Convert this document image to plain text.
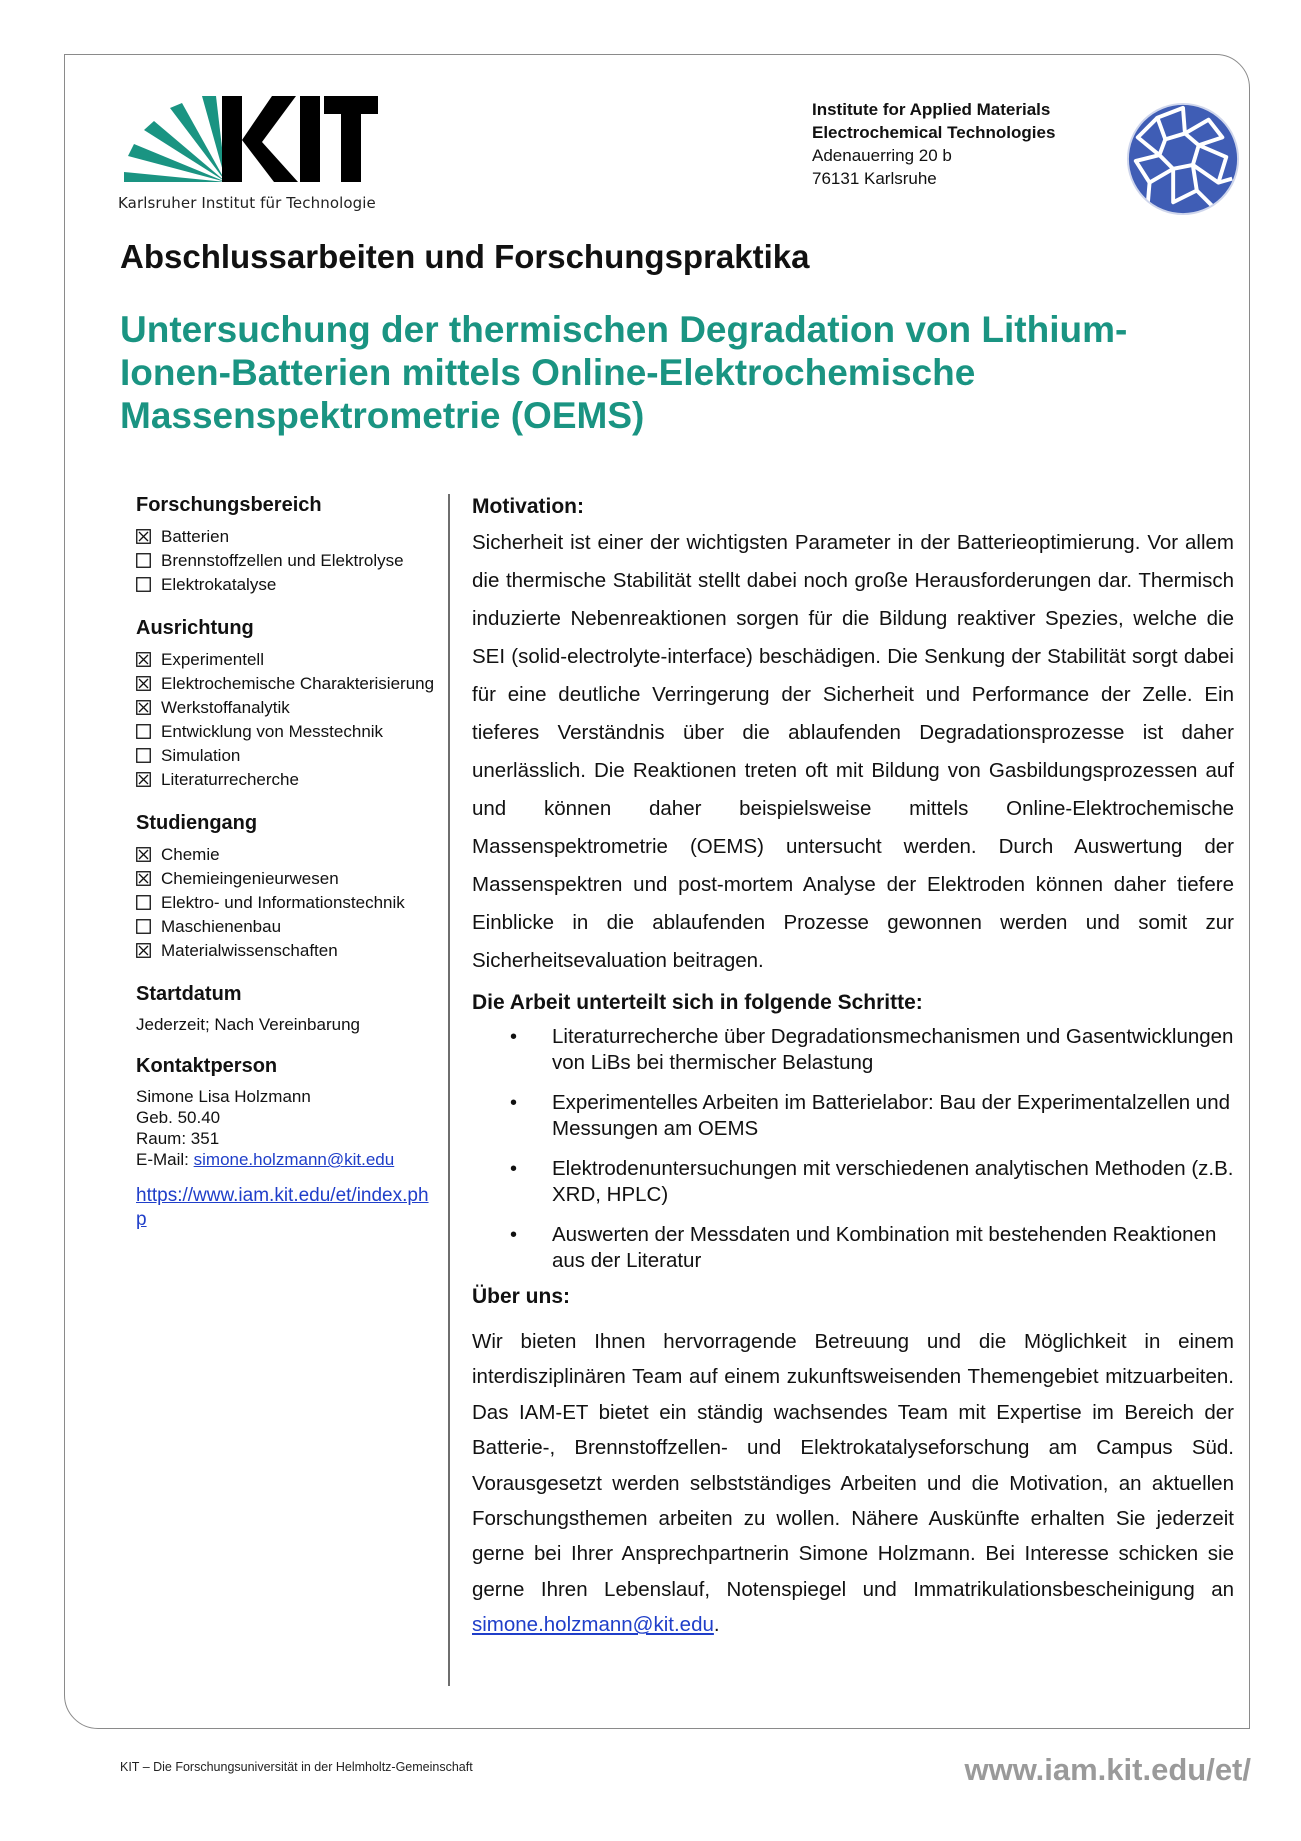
Karlsruher Institut für Technologie
Institute for Applied Materials
Electrochemical Technologies
Adenauerring 20 b
76131 Karlsruhe
Abschlussarbeiten und Forschungspraktika
Untersuchung der thermischen Degradation von Lithium-Ionen-Batterien mittels Online-Elektrochemische Massenspektrometrie (OEMS)
Forschungsbereich
Batterien
Brennstoffzellen und Elektrolyse
Elektrokatalyse
Ausrichtung
Experimentell
Elektrochemische Charakterisierung
Werkstoffanalytik
Entwicklung von Messtechnik
Simulation
Literaturrecherche
Studiengang
Chemie
Chemieingenieurwesen
Elektro- und Informationstechnik
Maschienenbau
Materialwissenschaften
Startdatum
Jederzeit; Nach Vereinbarung
Kontaktperson
Simone Lisa Holzmann
Geb. 50.40
Raum: 351
E-Mail: simone.holzmann@kit.edu
https://www.iam.kit.edu/et/index.php
Motivation:

Sicherheit ist einer der wichtigsten Parameter in der Batterieoptimierung. Vor allem die thermische Stabilität stellt dabei noch große Herausforderungen dar. Thermisch induzierte Nebenreaktionen sorgen für die Bildung reaktiver Spezies, welche die SEI (solid-electrolyte-interface) beschädigen. Die Senkung der Stabilität sorgt dabei für eine deutliche Verringerung der Sicherheit und Performance der Zelle. Ein tieferes Verständnis über die ablaufenden Degradationsprozesse ist daher unerlässlich. Die Reaktionen treten oft mit Bildung von Gasbildungsprozessen auf und können daher beispielsweise mittels Online-Elektrochemische Massenspektrometrie (OEMS) untersucht werden. Durch Auswertung der Massenspektren und post-mortem Analyse der Elektroden können daher tiefere Einblicke in die ablaufenden Prozesse gewonnen werden und somit zur Sicherheitsevaluation beitragen.

Die Arbeit unterteilt sich in folgende Schritte:
• Literaturrecherche über Degradationsmechanismen und Gasentwicklungen von LiBs bei thermischer Belastung
• Experimentelles Arbeiten im Batterielabor: Bau der Experimentalzellen und Messungen am OEMS
• Elektrodenuntersuchungen mit verschiedenen analytischen Methoden (z.B. XRD, HPLC)
• Auswerten der Messdaten und Kombination mit bestehenden Reaktionen aus der Literatur
Über uns:

Wir bieten Ihnen hervorragende Betreuung und die Möglichkeit in einem interdisziplinären Team auf einem zukunftsweisenden Themengebiet mitzuarbeiten. Das IAM-ET bietet ein ständig wachsendes Team mit Expertise im Bereich der Batterie-, Brennstoffzellen- und Elektrokatalyseforschung am Campus Süd. Vorausgesetzt werden selbstständiges Arbeiten und die Motivation, an aktuellen Forschungsthemen arbeiten zu wollen. Nähere Auskünfte erhalten Sie jederzeit gerne bei Ihrer Ansprechpartnerin Simone Holzmann. Bei Interesse schicken sie gerne Ihren Lebenslauf, Notenspiegel und Immatrikulationsbescheinigung an simone.holzmann@kit.edu.

KIT – Die Forschungsuniversität in der Helmholtz-Gemeinschaft	www.iam.kit.edu/et/
